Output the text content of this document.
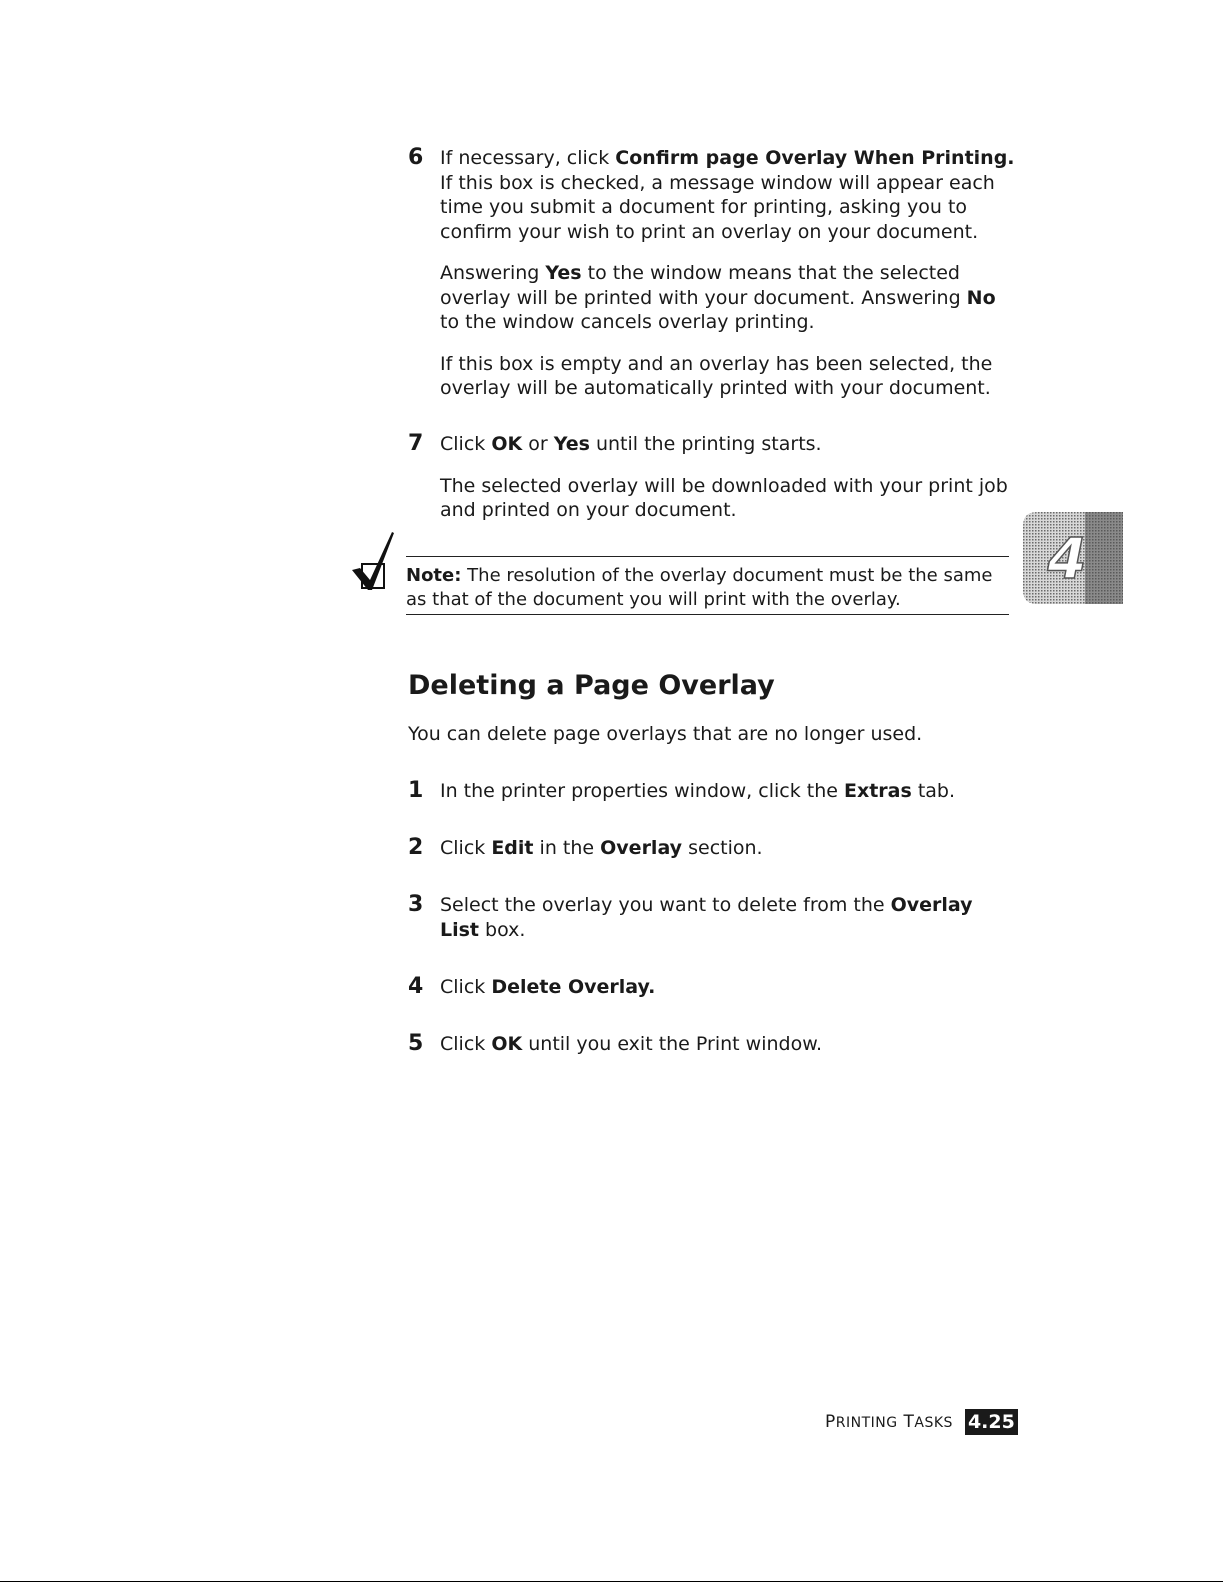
6 If necessary, click Confirm page Overlay When Printing. If this box is checked, a message window will appear each time you submit a document for printing, asking you to confirm your wish to print an overlay on your document.

Answering Yes to the window means that the selected overlay will be printed with your document. Answering No to the window cancels overlay printing.

If this box is empty and an overlay has been selected, the overlay will be automatically printed with your document.

7 Click OK or Yes until the printing starts.

The selected overlay will be downloaded with your print job and printed on your document.

Note: The resolution of the overlay document must be the same as that of the document you will print with the overlay.
4
Deleting a Page Overlay
You can delete page overlays that are no longer used.
1 In the printer properties window, click the Extras tab.

2 Click Edit in the Overlay section.

3 Select the overlay you want to delete from the Overlay List box.

4 Click Delete Overlay.

5 Click OK until you exit the Print window.

PRINTING TASKS 4.25
